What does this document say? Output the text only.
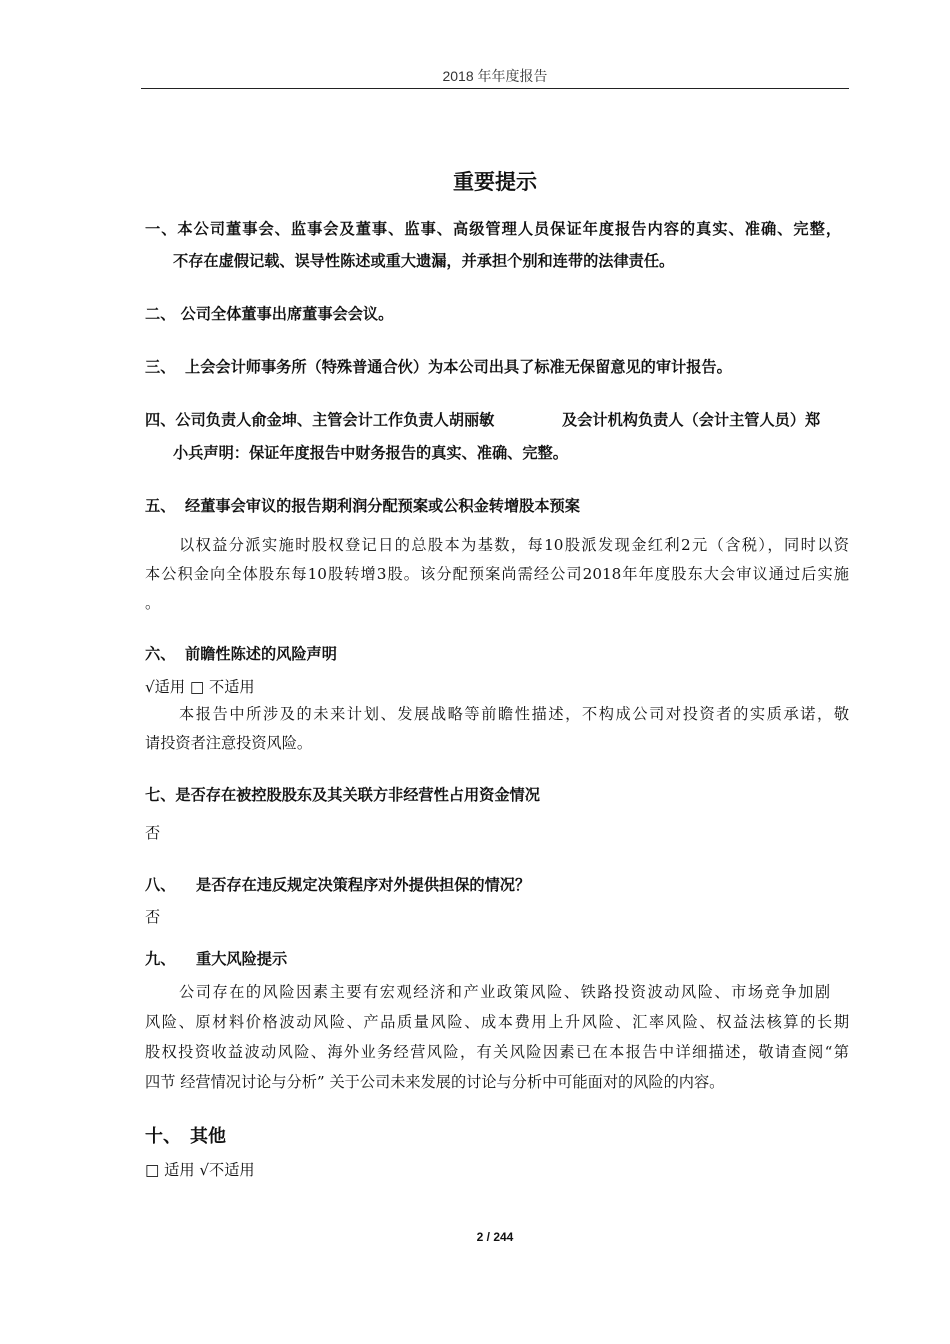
2018 年年度报告
重要提示
一、本公司董事会、监事会及董事、监事、高级管理人员保证年度报告内容的真实、准确、完整，
不存在虚假记载、误导性陈述或重大遗漏，并承担个别和连带的法律责任。
二、 公司全体董事出席董事会会议。
三、 上会会计师事务所（特殊普通合伙）为本公司出具了标准无保留意见的审计报告。
四、公司负责人俞金坤、主管会计工作负责人胡丽敏	及会计机构负责人（会计主管人员）郑
小兵声明：保证年度报告中财务报告的真实、准确、完整。
五、 经董事会审议的报告期利润分配预案或公积金转增股本预案
以权益分派实施时股权登记日的总股本为基数，每10股派发现金红利2元（含税），同时以资
本公积金向全体股东每10股转增3股。该分配预案尚需经公司2018年年度股东大会审议通过后实施
。
六、 前瞻性陈述的风险声明
√适用 □ 不适用
本报告中所涉及的未来计划、发展战略等前瞻性描述，不构成公司对投资者的实质承诺，敬
请投资者注意投资风险。
七、是否存在被控股股东及其关联方非经营性占用资金情况
否
八、 是否存在违反规定决策程序对外提供担保的情况？
否
九、 重大风险提示
公司存在的风险因素主要有宏观经济和产业政策风险、铁路投资波动风险、市场竞争加剧
风险、原材料价格波动风险、产品质量风险、成本费用上升风险、汇率风险、权益法核算的长期
股权投资收益波动风险、海外业务经营风险，有关风险因素已在本报告中详细描述，敬请查阅“第
四节 经营情况讨论与分析” 关于公司未来发展的讨论与分析中可能面对的风险的内容。
十、 其他
□ 适用 √不适用
2 / 244
